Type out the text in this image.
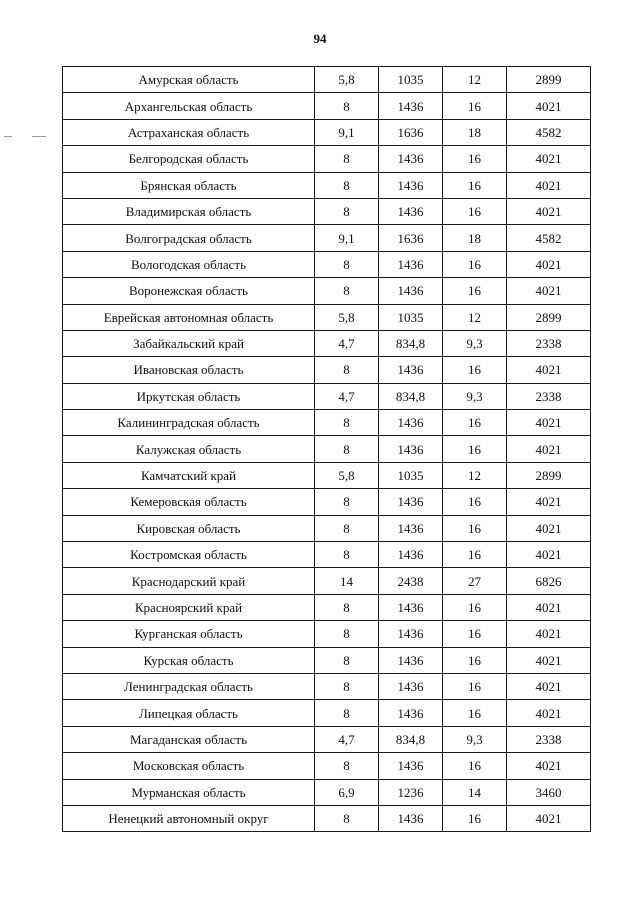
94
Амурская область	5,8	1035	12	2899
Архангельская область	8	1436	16	4021
Астраханская область	9,1	1636	18	4582
Белгородская область	8	1436	16	4021
Брянская область	8	1436	16	4021
Владимирская область	8	1436	16	4021
Волгоградская область	9,1	1636	18	4582
Вологодская область	8	1436	16	4021
Воронежская область	8	1436	16	4021
Еврейская автономная область	5,8	1035	12	2899
Забайкальский край	4,7	834,8	9,3	2338
Ивановская область	8	1436	16	4021
Иркутская область	4,7	834,8	9,3	2338
Калининградская область	8	1436	16	4021
Калужская область	8	1436	16	4021
Камчатский край	5,8	1035	12	2899
Кемеровская область	8	1436	16	4021
Кировская область	8	1436	16	4021
Костромская область	8	1436	16	4021
Краснодарский край	14	2438	27	6826
Красноярский край	8	1436	16	4021
Курганская область	8	1436	16	4021
Курская область	8	1436	16	4021
Ленинградская область	8	1436	16	4021
Липецкая область	8	1436	16	4021
Магаданская область	4,7	834,8	9,3	2338
Московская область	8	1436	16	4021
Мурманская область	6,9	1236	14	3460
Ненецкий автономный округ	8	1436	16	4021
